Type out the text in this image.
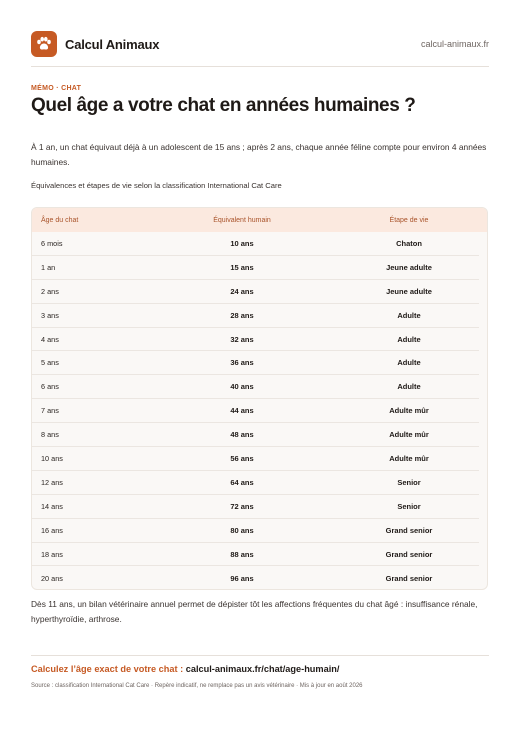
Calcul Animaux	calcul-animaux.fr
MÉMO · CHAT
Quel âge a votre chat en années humaines ?

À 1 an, un chat équivaut déjà à un adolescent de 15 ans ; après 2 ans, chaque année féline compte pour environ 4 années humaines.

Équivalences et étapes de vie selon la classification International Cat Care
Âge du chat	Équivalent humain	Étape de vie
6 mois	10 ans	Chaton
1 an	15 ans	Jeune adulte
2 ans	24 ans	Jeune adulte
3 ans	28 ans	Adulte
4 ans	32 ans	Adulte
5 ans	36 ans	Adulte
6 ans	40 ans	Adulte
7 ans	44 ans	Adulte mûr
8 ans	48 ans	Adulte mûr
10 ans	56 ans	Adulte mûr
12 ans	64 ans	Senior
14 ans	72 ans	Senior
16 ans	80 ans	Grand senior
18 ans	88 ans	Grand senior
20 ans	96 ans	Grand senior

Dès 11 ans, un bilan vétérinaire annuel permet de dépister tôt les affections fréquentes du chat âgé : insuffisance rénale, hyperthyroïdie, arthrose.

Calculez l’âge exact de votre chat : calcul-animaux.fr/chat/age-humain/
Source : classification International Cat Care · Repère indicatif, ne remplace pas un avis vétérinaire · Mis à jour en août 2026
